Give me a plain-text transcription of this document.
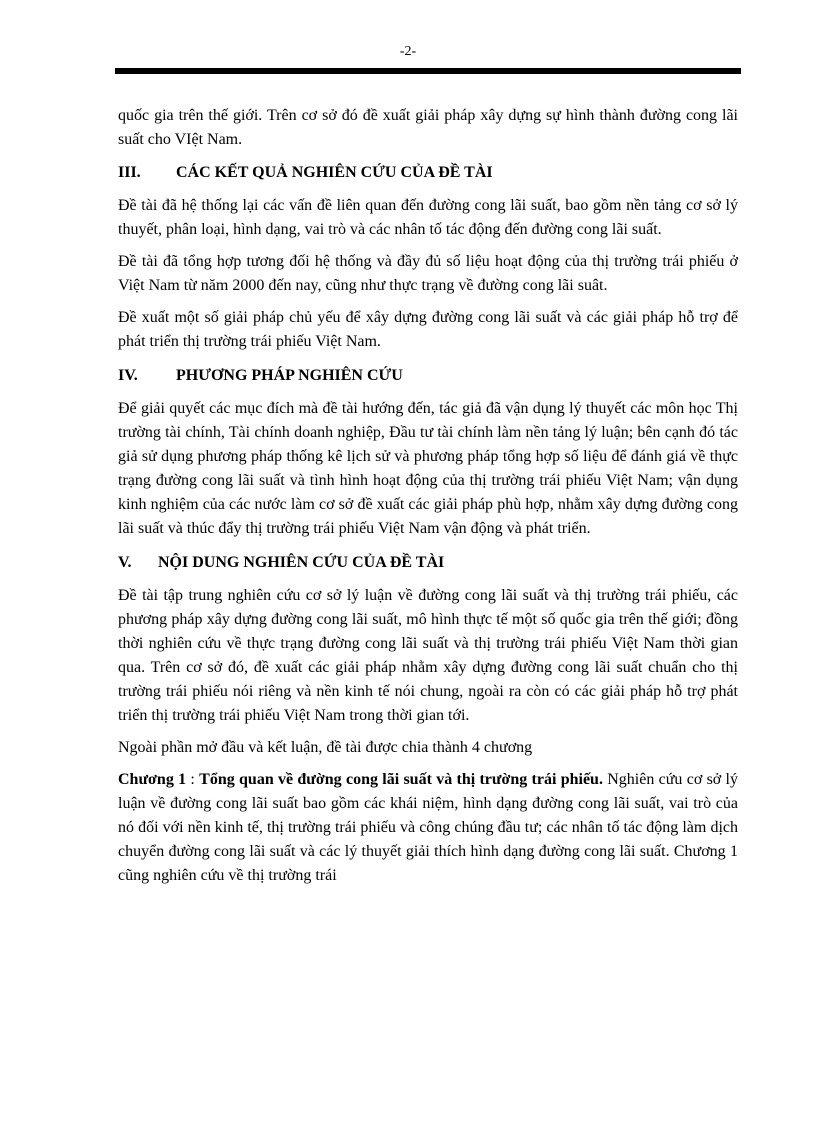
-2-

quốc gia trên thế giới. Trên cơ sở đó đề xuất giải pháp xây dựng sự hình thành đường cong lãi suất cho VIệt Nam.

III.	CÁC KẾT QUẢ NGHIÊN CỨU CỦA ĐỀ TÀI

Đề tài đã hệ thống lại các vấn đề liên quan đến đường cong lãi suất, bao gồm nền tảng cơ sở lý thuyết, phân loại, hình dạng, vai trò và các nhân tố tác động đến đường cong lãi suất.

Đề tài đã tổng hợp tương đối hệ thống và đầy đủ số liệu hoạt động của thị trường trái phiếu ở Việt Nam từ năm 2000 đến nay, cũng như thực trạng về đường cong lãi suât.

Đề xuất một số giải pháp chủ yếu để xây dựng đường cong lãi suất và các giải pháp hỗ trợ để phát triển thị trường trái phiếu Việt Nam.

IV.	PHƯƠNG PHÁP NGHIÊN CỨU

Để giải quyết các mục đích mà đề tài hướng đến, tác giả đã vận dụng lý thuyết các môn học Thị trường tài chính, Tài chính doanh nghiệp, Đầu tư tài chính làm nền tảng lý luận; bên cạnh đó tác giả sử dụng phương pháp thống kê lịch sử và phương pháp tổng hợp số liệu để đánh giá về thực trạng đường cong lãi suất và tình hình hoạt động của thị trường trái phiếu Việt Nam; vận dụng kinh nghiệm của các nước làm cơ sở đề xuất các giải pháp phù hợp, nhằm xây dựng đường cong lãi suất và thúc đẩy thị trường trái phiếu Việt Nam vận động và phát triển.

V.	NỘI DUNG NGHIÊN CỨU CỦA ĐỀ TÀI

Đề tài tập trung nghiên cứu cơ sở lý luận về đường cong lãi suất và thị trường trái phiếu, các phương pháp xây dựng đường cong lãi suất, mô hình thực tế một số quốc gia trên thế giới; đồng thời nghiên cứu về thực trạng đường cong lãi suất và thị trường trái phiếu Việt Nam thời gian qua. Trên cơ sở đó, đề xuất các giải pháp nhằm xây dựng đường cong lãi suất chuẩn cho thị trường trái phiếu nói riêng và nền kinh tế nói chung, ngoài ra còn có các giải pháp hỗ trợ phát triển thị trường trái phiếu Việt Nam trong thời gian tới.

Ngoài phần mở đầu và kết luận, đề tài được chia thành 4 chương

Chương 1 : Tổng quan về đường cong lãi suất và thị trường trái phiếu. Nghiên cứu cơ sở lý luận về đường cong lãi suất bao gồm các khái niệm, hình dạng đường cong lãi suất, vai trò của nó đối với nền kinh tế, thị trường trái phiếu và công chúng đầu tư; các nhân tố tác động làm dịch chuyển đường cong lãi suất và các lý thuyết giải thích hình dạng đường cong lãi suất. Chương 1 cũng nghiên cứu về thị trường trái
